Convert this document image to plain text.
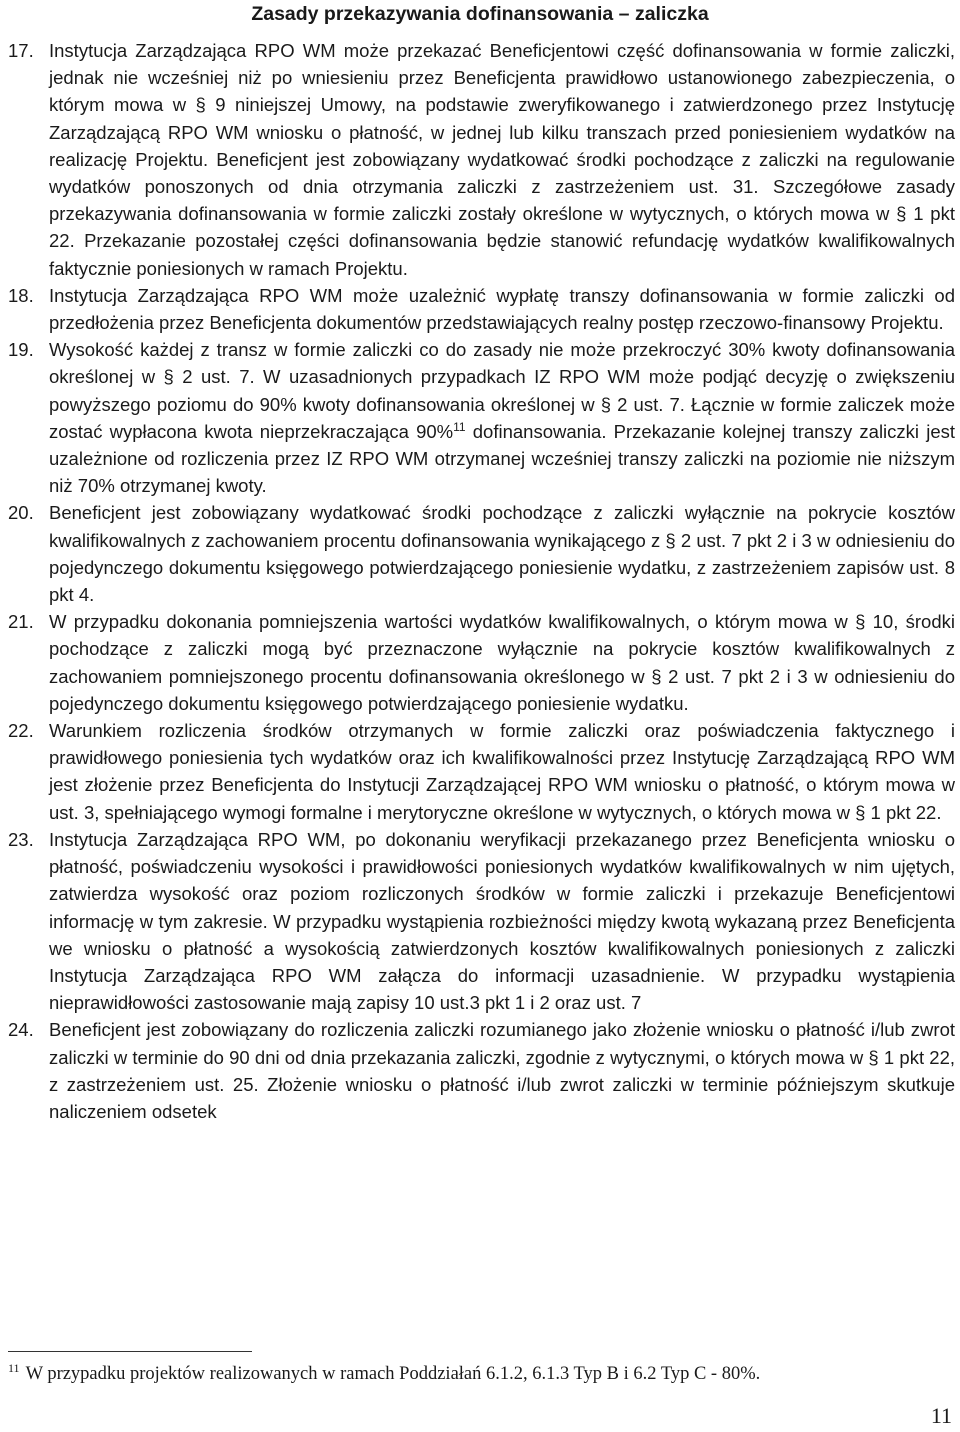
Zasady przekazywania dofinansowania – zaliczka
17. Instytucja Zarządzająca RPO WM może przekazać Beneficjentowi część dofinansowania w formie zaliczki, jednak nie wcześniej niż po wniesieniu przez Beneficjenta prawidłowo ustanowionego zabezpieczenia, o którym mowa w § 9 niniejszej Umowy, na podstawie zweryfikowanego i zatwierdzonego przez Instytucję Zarządzającą RPO WM wniosku o płatność, w jednej lub kilku transzach przed poniesieniem wydatków na realizację Projektu. Beneficjent jest zobowiązany wydatkować środki pochodzące z zaliczki na regulowanie wydatków ponoszonych od dnia otrzymania zaliczki z zastrzeżeniem ust. 31. Szczegółowe zasady przekazywania dofinansowania w formie zaliczki zostały określone w wytycznych, o których mowa w § 1 pkt 22. Przekazanie pozostałej części dofinansowania będzie stanowić refundację wydatków kwalifikowalnych faktycznie poniesionych w ramach Projektu.
18. Instytucja Zarządzająca RPO WM może uzależnić wypłatę transzy dofinansowania w formie zaliczki od przedłożenia przez Beneficjenta dokumentów przedstawiających realny postęp rzeczowo-finansowy Projektu.
19. Wysokość każdej z transz w formie zaliczki co do zasady nie może przekroczyć 30% kwoty dofinansowania określonej w § 2 ust. 7. W uzasadnionych przypadkach IZ RPO WM może podjąć decyzję o zwiększeniu powyższego poziomu do 90% kwoty dofinansowania określonej w § 2 ust. 7. Łącznie w formie zaliczek może zostać wypłacona kwota nieprzekraczająca 90%$^{11}$ dofinansowania. Przekazanie kolejnej transzy zaliczki jest uzależnione od rozliczenia przez IZ RPO WM otrzymanej wcześniej transzy zaliczki na poziomie nie niższym niż 70% otrzymanej kwoty.
20. Beneficjent jest zobowiązany wydatkować środki pochodzące z zaliczki wyłącznie na pokrycie kosztów kwalifikowalnych z zachowaniem procentu dofinansowania wynikającego z § 2 ust. 7 pkt 2 i 3 w odniesieniu do pojedynczego dokumentu księgowego potwierdzającego poniesienie wydatku, z zastrzeżeniem zapisów ust. 8 pkt 4.
21. W przypadku dokonania pomniejszenia wartości wydatków kwalifikowalnych, o którym mowa w § 10, środki pochodzące z zaliczki mogą być przeznaczone wyłącznie na pokrycie kosztów kwalifikowalnych z zachowaniem pomniejszonego procentu dofinansowania określonego w § 2 ust. 7 pkt 2 i 3 w odniesieniu do pojedynczego dokumentu księgowego potwierdzającego poniesienie wydatku.
22. Warunkiem rozliczenia środków otrzymanych w formie zaliczki oraz poświadczenia faktycznego i prawidłowego poniesienia tych wydatków oraz ich kwalifikowalności przez Instytucję Zarządzającą RPO WM jest złożenie przez Beneficjenta do Instytucji Zarządzającej RPO WM wniosku o płatność, o którym mowa w ust. 3, spełniającego wymogi formalne i merytoryczne określone w wytycznych, o których mowa w § 1 pkt 22.
23. Instytucja Zarządzająca RPO WM, po dokonaniu weryfikacji przekazanego przez Beneficjenta wniosku o płatność, poświadczeniu wysokości i prawidłowości poniesionych wydatków kwalifikowalnych w nim ujętych, zatwierdza wysokość oraz poziom rozliczonych środków w formie zaliczki i przekazuje Beneficjentowi informację w tym zakresie. W przypadku wystąpienia rozbieżności między kwotą wykazaną przez Beneficjenta we wniosku o płatność a wysokością zatwierdzonych kosztów kwalifikowalnych poniesionych z zaliczki Instytucja Zarządzająca RPO WM załącza do informacji uzasadnienie. W przypadku wystąpienia nieprawidłowości zastosowanie mają zapisy 10 ust.3 pkt 1 i 2 oraz ust. 7
24. Beneficjent jest zobowiązany do rozliczenia zaliczki rozumianego jako złożenie wniosku o płatność i/lub zwrot zaliczki w terminie do 90 dni od dnia przekazania zaliczki, zgodnie z wytycznymi, o których mowa w § 1 pkt 22, z zastrzeżeniem ust. 25. Złożenie wniosku o płatność i/lub zwrot zaliczki w terminie późniejszym skutkuje naliczeniem odsetek
$^{11}$ W przypadku projektów realizowanych w ramach Poddziałań 6.1.2, 6.1.3 Typ B i 6.2 Typ C - 80%.
11
